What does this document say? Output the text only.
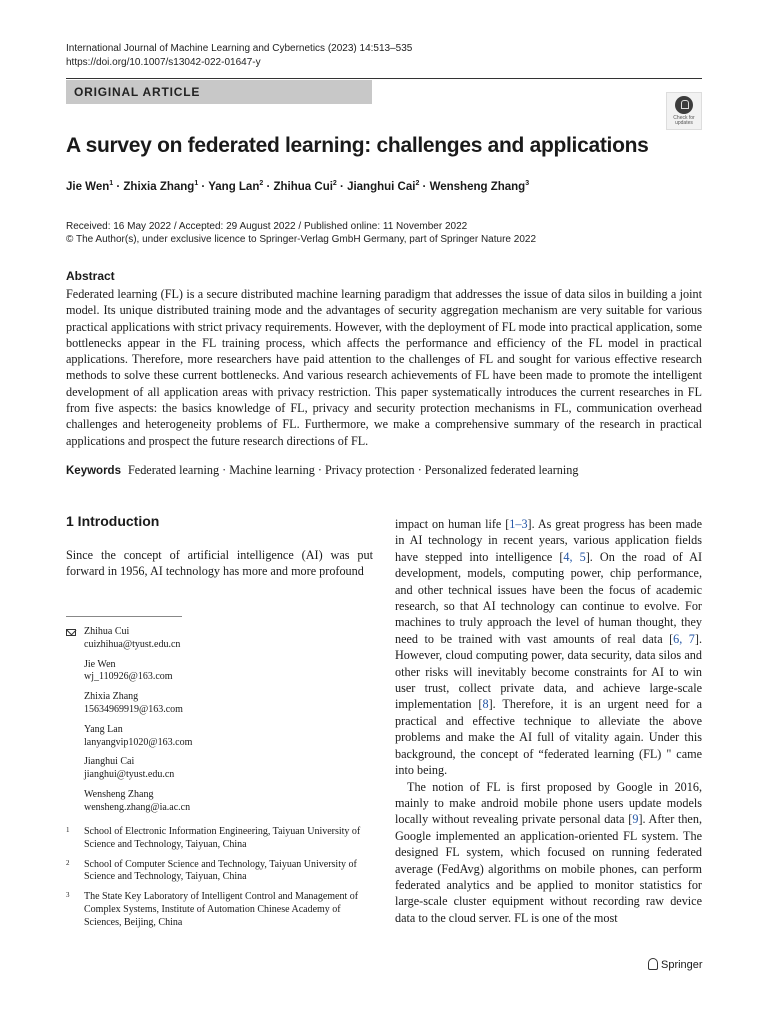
International Journal of Machine Learning and Cybernetics (2023) 14:513–535
https://doi.org/10.1007/s13042-022-01647-y
ORIGINAL ARTICLE
Check for updates
A survey on federated learning: challenges and applications
Jie Wen$^1$ · Zhixia Zhang$^1$ · Yang Lan$^2$ · Zhihua Cui$^2$ · Jianghui Cai$^2$ · Wensheng Zhang$^3$
Received: 16 May 2022 / Accepted: 29 August 2022 / Published online: 11 November 2022
© The Author(s), under exclusive licence to Springer-Verlag GmbH Germany, part of Springer Nature 2022
Abstract

Federated learning (FL) is a secure distributed machine learning paradigm that addresses the issue of data silos in building a joint model. Its unique distributed training mode and the advantages of security aggregation mechanism are very suitable for various practical applications with strict privacy requirements. However, with the deployment of FL mode into practical application, some bottlenecks appear in the FL training process, which affects the performance and efficiency of the FL model in practical applications. Therefore, more researchers have paid attention to the challenges of FL and sought for various effective research methods to solve these current bottlenecks. And various research achievements of FL have been made to promote the intelligent development of all application areas with privacy restriction. This paper systematically introduces the current researches in FL from five aspects: the basics knowledge of FL, privacy and security protection mechanisms in FL, communication overhead challenges and heterogeneity problems of FL. Furthermore, we make a comprehensive summary of the research in practical applications and prospect the future research directions of FL.

Keywords Federated learning · Machine learning · Privacy protection · Personalized federated learning
1 Introduction

Since the concept of artificial intelligence (AI) was put forward in 1956, AI technology has more and more profound

Zhihua Cui
cuizhihua@tyust.edu.cn
Jie Wen
wj_110926@163.com
Zhixia Zhang
15634969919@163.com
Yang Lan
lanyangvip1020@163.com
Jianghui Cai
jianghui@tyust.edu.cn
Wensheng Zhang
wensheng.zhang@ia.ac.cn
1 School of Electronic Information Engineering, Taiyuan University of Science and Technology, Taiyuan, China
2 School of Computer Science and Technology, Taiyuan University of Science and Technology, Taiyuan, China
3 The State Key Laboratory of Intelligent Control and Management of Complex Systems, Institute of Automation Chinese Academy of Sciences, Beijing, China

impact on human life [1–3]. As great progress has been made in AI technology in recent years, various application fields have stepped into intelligence [4, 5]. On the road of AI development, models, computing power, chip performance, and other technical issues have been the focus of academic research, so that AI technology can continue to evolve. For machines to truly approach the level of human thought, they need to be trained with vast amounts of real data [6, 7]. However, cloud computing power, data security, data silos and other risks will inevitably become constraints for AI to win user trust, collect private data, and achieve large-scale implementation [8]. Therefore, it is an urgent need for a practical and effective technique to alleviate the above problems and make the AI full of vitality again. Under this background, the concept of “federated learning (FL) " came into being.

The notion of FL is first proposed by Google in 2016, mainly to make android mobile phone users update models locally without revealing private personal data [9]. After then, Google implemented an application-oriented FL system. The designed FL system, which focused on running federated average (FedAvg) algorithms on mobile phones, can perform federated analytics and be applied to monitor statistics for large-scale cluster equipment without recording raw device data to the cloud server. FL is one of the most

Springer
